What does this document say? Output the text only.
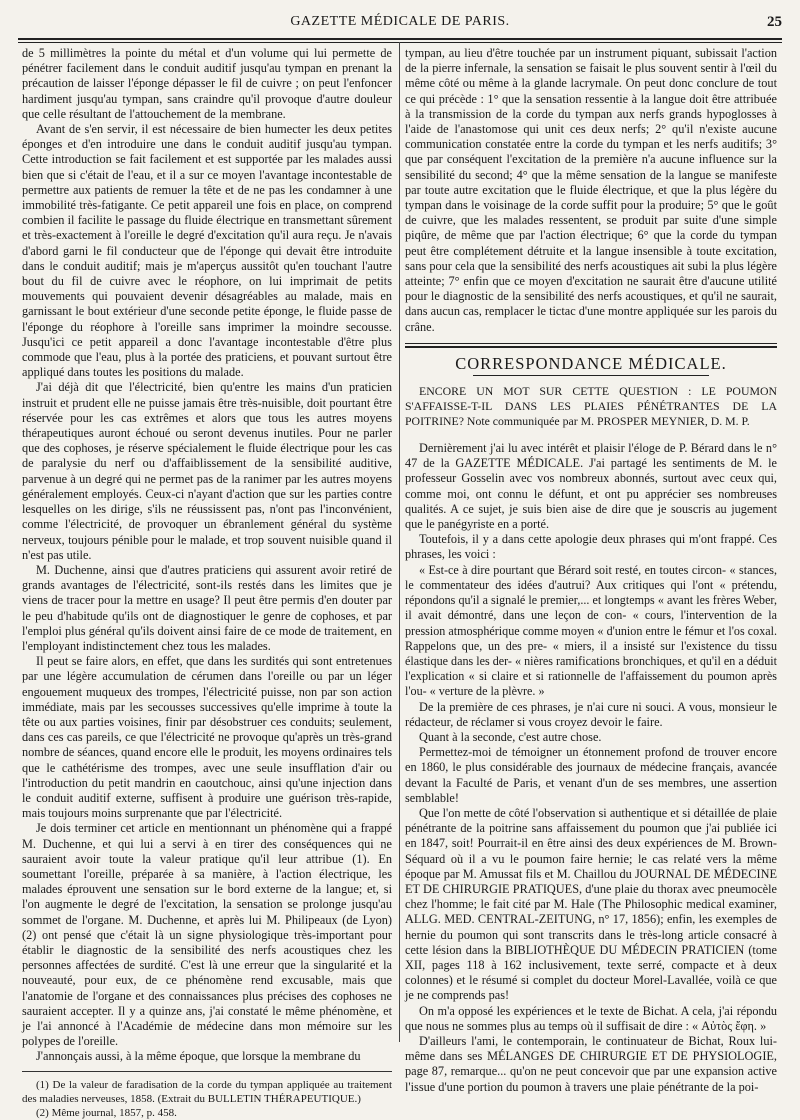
GAZETTE MÉDICALE DE PARIS.	25

de 5 millimètres la pointe du métal et d'un volume qui lui permette de pénétrer facilement dans le conduit auditif jusqu'au tympan en prenant la précaution de laisser l'éponge dépasser le fil de cuivre ; on peut l'enfoncer hardiment jusqu'au tympan, sans craindre qu'il provoque d'autre douleur que celle résultant de l'attouchement de la membrane.

Avant de s'en servir, il est nécessaire de bien humecter les deux petites éponges et d'en introduire une dans le conduit auditif jusqu'au tympan. Cette introduction se fait facilement et est supportée par les malades aussi bien que si c'était de l'eau, et il a sur ce moyen l'avantage incontestable de permettre aux patients de remuer la tête et de ne pas les condamner à une immobilité très-fatigante. Ce petit appareil une fois en place, on comprend combien il facilite le passage du fluide électrique en transmettant sûrement et très-exactement à l'oreille le degré d'excitation qu'il aura reçu. Je n'avais d'abord garni le fil conducteur que de l'éponge qui devait être introduite dans le conduit auditif; mais je m'aperçus aussitôt qu'en touchant l'autre bout du fil de cuivre avec le réophore, on lui imprimait de petits mouvements qui pouvaient devenir désagréables au malade, mais en garnissant le bout extérieur d'une seconde petite éponge, le fluide passe de l'éponge du réophore à l'oreille sans imprimer la moindre secousse. Jusqu'ici ce petit appareil a donc l'avantage incontestable d'être plus commode que l'eau, plus à la portée des praticiens, et pouvant surtout être appliqué dans toutes les positions du malade.

J'ai déjà dit que l'électricité, bien qu'entre les mains d'un praticien instruit et prudent elle ne puisse jamais être très-nuisible, doit pourtant être réservée pour les cas extrêmes et alors que tous les autres moyens thérapeutiques auront échoué ou seront devenus inutiles. Pour ne parler que des cophoses, je réserve spécialement le fluide électrique pour les cas de paralysie du nerf ou d'affaiblissement de la sensibilité auditive, parvenue à un degré qui ne permet pas de la ranimer par les autres moyens généralement employés. Ceux-ci n'ayant d'action que sur les parties contre lesquelles on les dirige, s'ils ne réussissent pas, n'ont pas l'inconvénient, comme l'électricité, de provoquer un ébranlement général du système nerveux, toujours pénible pour le malade, et trop souvent nuisible quand il n'est pas utile.

M. Duchenne, ainsi que d'autres praticiens qui assurent avoir retiré de grands avantages de l'électricité, sont-ils restés dans les limites que je viens de tracer pour la mettre en usage? Il peut être permis d'en douter par le peu d'habitude qu'ils ont de diagnostiquer le genre de cophoses, et par l'emploi plus général qu'ils doivent ainsi faire de ce mode de traitement, en l'employant indistinctement chez tous les malades.

Il peut se faire alors, en effet, que dans les surdités qui sont entretenues par une légère accumulation de cérumen dans l'oreille ou par un léger engouement muqueux des trompes, l'électricité puisse, non par son action immédiate, mais par les secousses successives qu'elle imprime à toute la tête ou aux parties voisines, finir par désobstruer ces conduits; seulement, dans ces cas pareils, ce que l'électricité ne provoque qu'après un très-grand nombre de séances, quand encore elle le produit, les moyens ordinaires tels que le cathétérisme des trompes, avec une seule insufflation d'air ou l'introduction du petit mandrin en caoutchouc, ainsi qu'une injection dans le conduit auditif externe, suffisent à produire une guérison très-rapide, mais toujours moins surprenante que par l'électricité.

Je dois terminer cet article en mentionnant un phénomène qui a frappé M. Duchenne, et qui lui a servi à en tirer des conséquences qui ne sauraient avoir toute la valeur pratique qu'il leur attribue (1). En soumettant l'oreille, préparée à sa manière, à l'action électrique, les malades éprouvent une sensation sur le bord externe de la langue; et, si l'on augmente le degré de l'excitation, la sensation se prolonge jusqu'au sommet de l'organe. M. Duchenne, et après lui M. Philipeaux (de Lyon) (2) ont pensé que c'était là un signe physiologique très-important pour établir le diagnostic de la sensibilité des nerfs acoustiques chez les personnes affectées de surdité. C'est là une erreur que la singularité et la nouveauté, pour eux, de ce phénomène rend excusable, mais que l'anatomie de l'organe et des connaissances plus précises des cophoses ne sauraient accepter. Il y a quinze ans, j'ai constaté le même phénomène, et je l'ai annoncé à l'Académie de médecine dans mon mémoire sur les polypes de l'oreille.

J'annonçais aussi, à la même époque, que lorsque la membrane du

(1) De la valeur de faradisation de la corde du tympan appliquée au traitement des maladies nerveuses, 1858. (Extrait du BULLETIN THÉRAPEUTIQUE.)

(2) Même journal, 1857, p. 458.

tympan, au lieu d'être touchée par un instrument piquant, subissait l'action de la pierre infernale, la sensation se faisait le plus souvent sentir à l'œil du même côté ou même à la glande lacrymale. On peut donc conclure de tout ce qui précède : 1° que la sensation ressentie à la langue doit être attribuée à la transmission de la corde du tympan aux nerfs grands hypoglosses à l'aide de l'anastomose qui unit ces deux nerfs; 2° qu'il n'existe aucune communication constatée entre la corde du tympan et les nerfs auditifs; 3° que par conséquent l'excitation de la première n'a aucune influence sur la sensibilité du second; 4° que la même sensation de la langue se manifeste par toute autre excitation que le fluide électrique, et que la plus légère du tympan dans le voisinage de la corde suffit pour la produire; 5° que le goût de cuivre, que les malades ressentent, se produit par suite d'une simple piqûre, de même que par l'action électrique; 6° que la corde du tympan peut être complétement détruite et la langue insensible à toute excitation, sans pour cela que la sensibilité des nerfs acoustiques ait subi la plus légère atteinte; 7° enfin que ce moyen d'excitation ne saurait être d'aucune utilité pour le diagnostic de la sensibilité des nerfs acoustiques, et qu'il ne saurait, dans aucun cas, remplacer le tictac d'une montre appliquée sur les parois du crâne.

CORRESPONDANCE MÉDICALE.
ENCORE UN MOT SUR CETTE QUESTION : LE POUMON S'AFFAISSE-T-IL DANS LES PLAIES PÉNÉTRANTES DE LA POITRINE? Note communiquée par M. PROSPER MEYNIER, D. M. P.

Dernièrement j'ai lu avec intérêt et plaisir l'éloge de P. Bérard dans le n° 47 de la GAZETTE MÉDICALE. J'ai partagé les sentiments de M. le professeur Gosselin avec vos nombreux abonnés, surtout avec ceux qui, comme moi, ont connu le défunt, et ont pu apprécier ses nombreuses qualités. A ce sujet, je suis bien aise de dire que je souscris au jugement que le panégyriste en a porté.

Toutefois, il y a dans cette apologie deux phrases qui m'ont frappé. Ces phrases, les voici :

« Est-ce à dire pourtant que Bérard soit resté, en toutes circon- « stances, le commentateur des idées d'autrui? Aux critiques qui l'ont « prétendu, répondons qu'il a signalé le premier,... et longtemps « avant les frères Weber, il avait démontré, dans une leçon de con- « cours, l'intervention de la pression atmosphérique comme moyen « d'union entre le fémur et l'os coxal. Rappelons que, un des pre- « miers, il a insisté sur l'existence du tissu élastique dans les der- « nières ramifications bronchiques, et qu'il en a déduit l'explication « si claire et si rationnelle de l'affaissement du poumon après l'ou- « verture de la plèvre. »

De la première de ces phrases, je n'ai cure ni souci. A vous, monsieur le rédacteur, de réclamer si vous croyez devoir le faire.

Quant à la seconde, c'est autre chose.

Permettez-moi de témoigner un étonnement profond de trouver encore en 1860, le plus considérable des journaux de médecine français, avancée devant la Faculté de Paris, et venant d'un de ses membres, une assertion semblable!

Que l'on mette de côté l'observation si authentique et si détaillée de plaie pénétrante de la poitrine sans affaissement du poumon que j'ai publiée ici en 1847, soit! Pourrait-il en être ainsi des deux expériences de M. Brown-Séquard où il a vu le poumon faire hernie; le cas relaté vers la même époque par M. Amussat fils et M. Chaillou du JOURNAL DE MÉDECINE ET DE CHIRURGIE PRATIQUES, d'une plaie du thorax avec pneumocèle chez l'homme; le fait cité par M. Hale (The Philosophic medical examiner, ALLG. MED. CENTRAL-ZEITUNG, n° 17, 1856); enfin, les exemples de hernie du poumon qui sont transcrits dans le très-long article consacré à cette lésion dans la BIBLIOTHÈQUE DU MÉDECIN PRATICIEN (tome XII, pages 118 à 162 inclusivement, texte serré, compacte et à deux colonnes) et le résumé si complet du docteur Morel-Lavallée, voilà ce que je ne comprends pas!

On m'a opposé les expériences et le texte de Bichat. A cela, j'ai répondu que nous ne sommes plus au temps où il suffisait de dire : « Αὐτὸς ἔφη. »

D'ailleurs l'ami, le contemporain, le continuateur de Bichat, Roux lui-même dans ses MÉLANGES DE CHIRURGIE ET DE PHYSIOLOGIE, page 87, remarque... qu'on ne peut concevoir que par une expansion active l'issue d'une portion du poumon à travers une plaie pénétrante de la poi-
